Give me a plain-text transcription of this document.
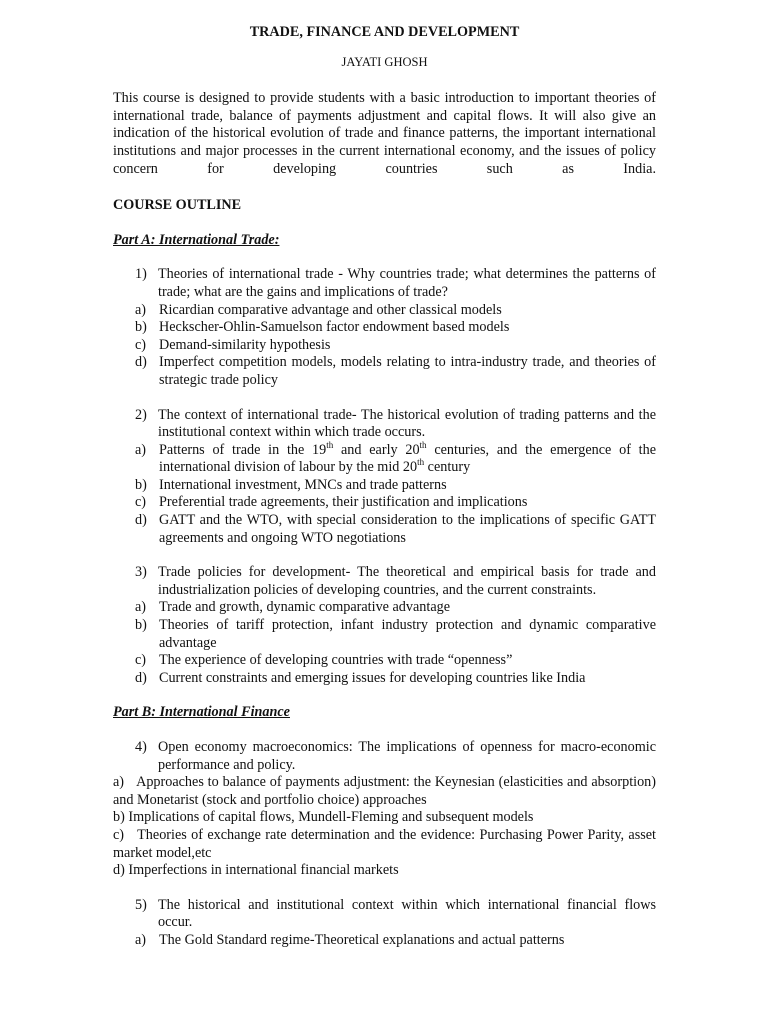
TRADE, FINANCE AND DEVELOPMENT
JAYATI GHOSH
This course is designed to provide students with a basic introduction to important theories of international trade, balance of payments adjustment and capital flows. It will also give an indication of the historical evolution of trade and finance patterns, the important international institutions and major processes in the current international economy, and the issues of policy concern for developing countries such as India.
COURSE OUTLINE
Part A: International Trade:
1) Theories of international trade - Why countries trade; what determines the patterns of trade; what are the gains and implications of trade?
a) Ricardian comparative advantage and other classical models
b) Heckscher-Ohlin-Samuelson factor endowment based models
c) Demand-similarity hypothesis
d) Imperfect competition models, models relating to intra-industry trade, and theories of strategic trade policy
2) The context of international trade- The historical evolution of trading patterns and the institutional context within which trade occurs.
a) Patterns of trade in the 19th and early 20th centuries, and the emergence of the international division of labour by the mid 20th century
b) International investment, MNCs and trade patterns
c) Preferential trade agreements, their justification and implications
d) GATT and the WTO, with special consideration to the implications of specific GATT agreements and ongoing WTO negotiations
3) Trade policies for development- The theoretical and empirical basis for trade and industrialization policies of developing countries, and the current constraints.
a) Trade and growth, dynamic comparative advantage
b) Theories of tariff protection, infant industry protection and dynamic comparative advantage
c) The experience of developing countries with trade “openness”
d) Current constraints and emerging issues for developing countries like India
Part B: International Finance
4) Open economy macroeconomics: The implications of openness for macro-economic performance and policy.
a) Approaches to balance of payments adjustment: the Keynesian (elasticities and absorption) and Monetarist (stock and portfolio choice) approaches
b) Implications of capital flows, Mundell-Fleming and subsequent models
c) Theories of exchange rate determination and the evidence: Purchasing Power Parity, asset market model,etc
d) Imperfections in international financial markets
5) The historical and institutional context within which international financial flows occur.
a) The Gold Standard regime-Theoretical explanations and actual patterns
